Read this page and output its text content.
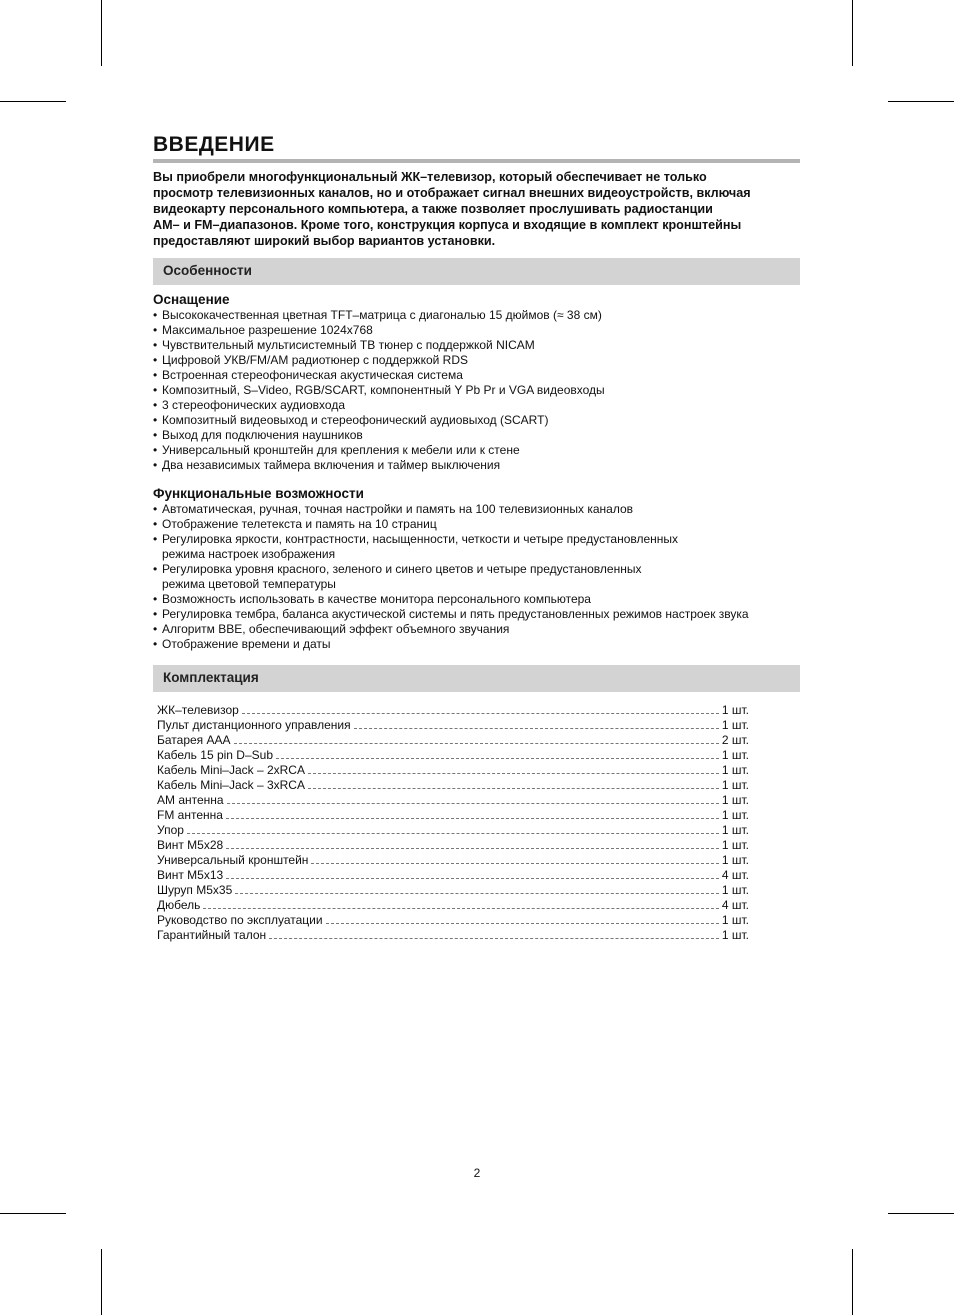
ВВЕДЕНИЕ
Вы приобрели многофункциональный ЖК–телевизор, который обеспечивает не только
просмотр телевизионных каналов, но и отображает сигнал внешних видеоустройств, включая
видеокарту персонального компьютера, а также позволяет прослушивать радиостанции
AM– и FM–диапазонов. Кроме того, конструкция корпуса и входящие в комплект кронштейны
предоставляют широкий выбор вариантов установки.
Особенности
Оснащение
• Высококачественная цветная TFT–матрица с диагональю 15 дюймов (≈ 38 см)
• Максимальное разрешение 1024x768
• Чувствительный мультисистемный ТВ тюнер с поддержкой NICAM
• Цифровой УКВ/FM/AM радиотюнер с поддержкой RDS
• Встроенная стереофоническая акустическая система
• Композитный, S–Video, RGB/SCART, компонентный Y Pb Pr и VGA видеовходы
• 3 стереофонических аудиовхода
• Композитный видеовыход и стереофонический аудиовыход (SCART)
• Выход для подключения наушников
• Универсальный кронштейн для крепления к мебели или к стене
• Два независимых таймера включения и таймер выключения
Функциональные возможности
• Автоматическая, ручная, точная настройки и память на 100 телевизионных каналов
• Отображение телетекста и память на 10 страниц
• Регулировка яркости, контрастности, насыщенности, четкости и четыре предустановленных
режима настроек изображения
• Регулировка уровня красного, зеленого и синего цветов и четыре предустановленных
режима цветовой температуры
• Возможность использовать в качестве монитора персонального компьютера
• Регулировка тембра, баланса акустической системы и пять предустановленных режимов настроек звука
• Алгоритм BBE, обеспечивающий эффект объемного звучания
• Отображение времени и даты
Комплектация
ЖК–телевизор	1 шт.
Пульт дистанционного управления	1 шт.
Батарея AAA	2 шт.
Кабель 15 pin D–Sub	1 шт.
Кабель Mini–Jack – 2xRCA	1 шт.
Кабель Mini–Jack – 3xRCA	1 шт.
AM антенна	1 шт.
FM антенна	1 шт.
Упор	1 шт.
Винт M5x28	1 шт.
Универсальный кронштейн	1 шт.
Винт M5x13	4 шт.
Шуруп M5x35	1 шт.
Дюбель	4 шт.
Руководство по эксплуатации	1 шт.
Гарантийный талон	1 шт.
2
